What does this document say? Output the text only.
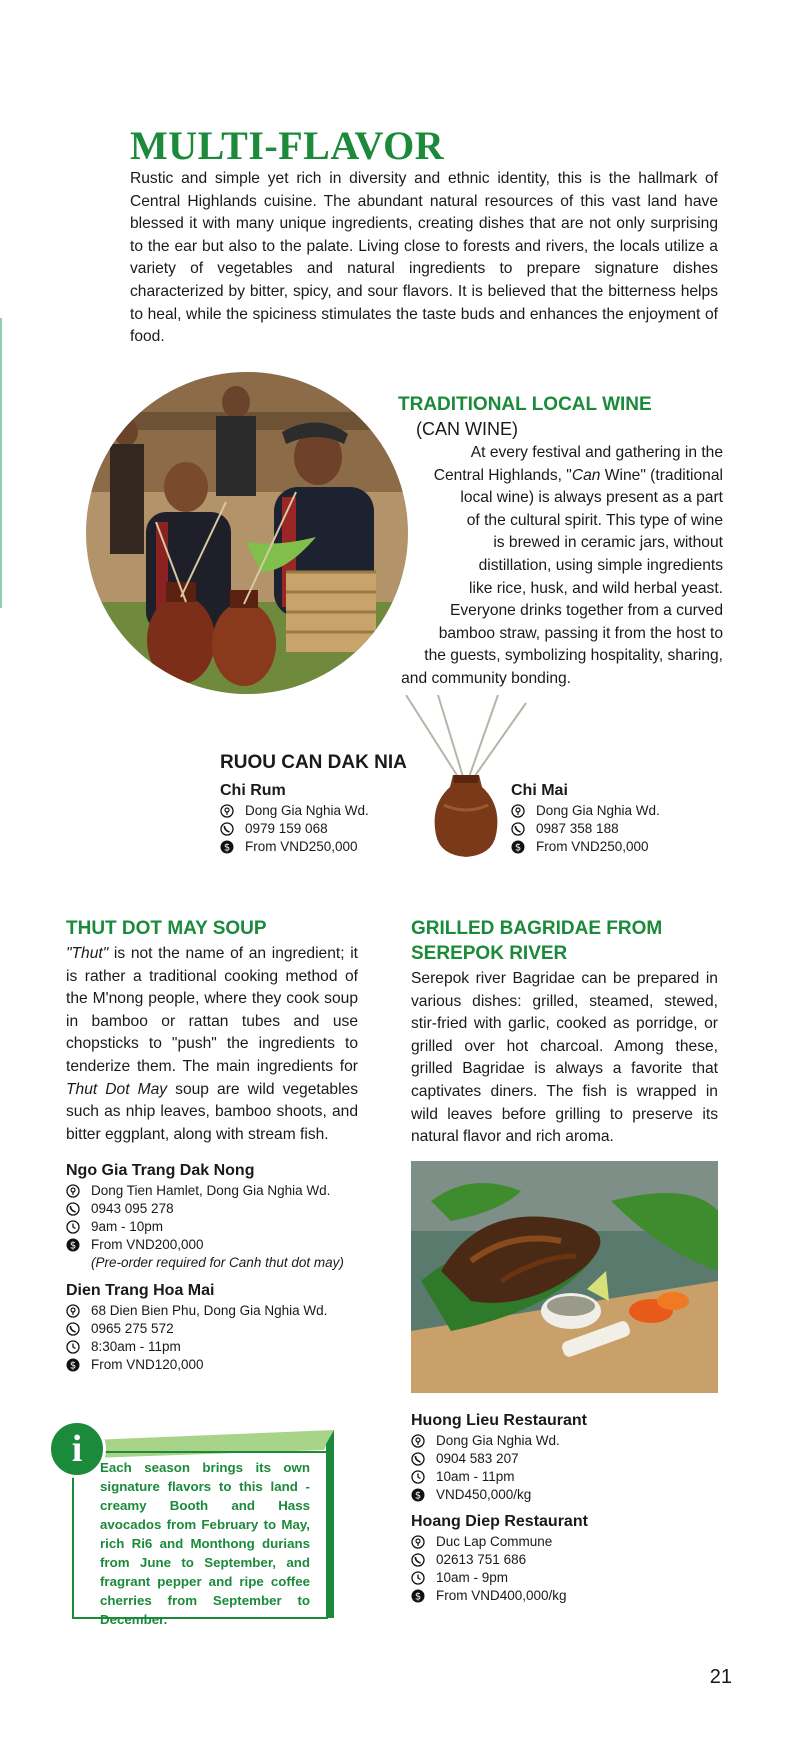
MULTI-FLAVOR

Rustic and simple yet rich in diversity and ethnic identity, this is the hallmark of Central Highlands cuisine. The abundant natural resources of this vast land have blessed it with many unique ingredients, creating dishes that are not only surprising to the ear but also to the palate. Living close to forests and rivers, the locals utilize a variety of vegetables and natural ingredients to prepare signature dishes characterized by bitter, spicy, and sour flavors. It is believed that the bitterness helps to heal, while the spiciness stimulates the taste buds and enhances the enjoyment of food.

TRADITIONAL LOCAL WINE
(CAN WINE)
At every festival and gathering in the
Central Highlands, "Can Wine" (traditional
local wine) is always present as a part
of the cultural spirit. This type of wine
is brewed in ceramic jars, without
distillation, using simple ingredients
like rice, husk, and wild herbal yeast.
Everyone drinks together from a curved
bamboo straw, passing it from the host to
the guests, symbolizing hospitality, sharing,
and community bonding.
RUOU CAN DAK NIA
Chi Rum
Dong Gia Nghia Wd.
0979 159 068
$ From VND250,000
Chi Mai
Dong Gia Nghia Wd.
0987 358 188
$ From VND250,000
THUT DOT MAY SOUP

"Thut" is not the name of an ingredient; it is rather a traditional cooking method of the M'nong people, where they cook soup in bamboo or rattan tubes and use chopsticks to "push" the ingredients to tenderize them. The main ingredients for Thut Dot May soup are wild vegetables such as nhip leaves, bamboo shoots, and bitter eggplant, along with stream fish.

Ngo Gia Trang Dak Nong
Dong Tien Hamlet, Dong Gia Nghia Wd.
0943 095 278
9am - 10pm
$ From VND200,000
(Pre-order required for Canh thut dot may)
Dien Trang Hoa Mai
68 Dien Bien Phu, Dong Gia Nghia Wd.
0965 275 572
8:30am - 11pm
$ From VND120,000
GRILLED BAGRIDAE FROM
SEREPOK RIVER

Serepok river Bagridae can be prepared in various dishes: grilled, steamed, stewed, stir-fried with garlic, cooked as porridge, or grilled over hot charcoal. Among these, grilled Bagridae is always a favorite that captivates diners. The fish is wrapped in wild leaves before grilling to preserve its natural flavor and rich aroma.

Huong Lieu Restaurant
Dong Gia Nghia Wd.
0904 583 207
10am - 11pm
$ VND450,000/kg
Hoang Diep Restaurant
Duc Lap Commune
02613 751 686
10am - 9pm
$ From VND400,000/kg
i	Each season brings its own signature flavors to this land - creamy Booth and Hass avocados from February to May, rich Ri6 and Monthong durians from June to September, and fragrant pepper and ripe coffee cherries from September to December.

21
